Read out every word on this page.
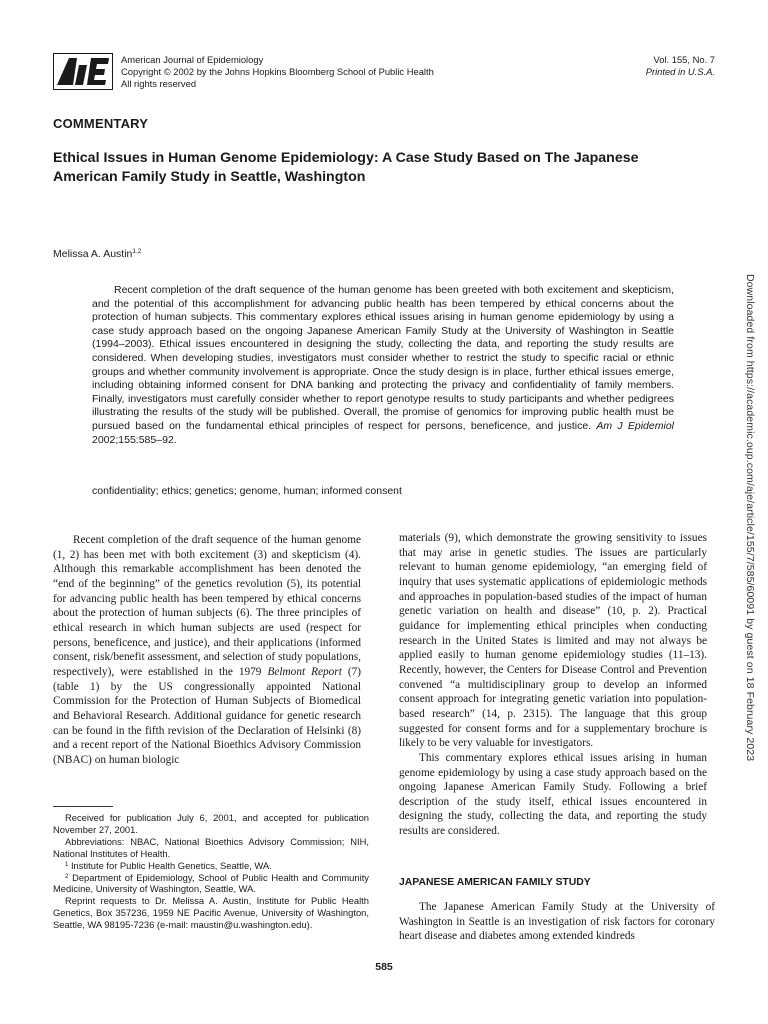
American Journal of Epidemiology
Copyright © 2002 by the Johns Hopkins Bloomberg School of Public Health
All rights reserved
Vol. 155, No. 7
Printed in U.S.A.
COMMENTARY
Ethical Issues in Human Genome Epidemiology: A Case Study Based on The Japanese American Family Study in Seattle, Washington
Melissa A. Austin$^{1,2}$

Recent completion of the draft sequence of the human genome has been greeted with both excitement and skepticism, and the potential of this accomplishment for advancing public health has been tempered by ethical concerns about the protection of human subjects. This commentary explores ethical issues arising in human genome epidemiology by using a case study approach based on the ongoing Japanese American Family Study at the University of Washington in Seattle (1994–2003). Ethical issues encountered in designing the study, collecting the data, and reporting the study results are considered. When developing studies, investigators must consider whether to restrict the study to specific racial or ethnic groups and whether community involvement is appropriate. Once the study design is in place, further ethical issues emerge, including obtaining informed consent for DNA banking and protecting the privacy and confidentiality of family members. Finally, investigators must carefully consider whether to report genotype results to study participants and whether pedigrees illustrating the results of the study will be published. Overall, the promise of genomics for improving public health must be pursued based on the fundamental ethical principles of respect for persons, beneficence, and justice. Am J Epidemiol 2002;155:585–92.

confidentiality; ethics; genetics; genome, human; informed consent

Recent completion of the draft sequence of the human genome (1, 2) has been met with both excitement (3) and skepticism (4). Although this remarkable accomplishment has been denoted the “end of the beginning” of the genetics revolution (5), its potential for advancing public health has been tempered by ethical concerns about the protection of human subjects (6). The three principles of ethical research in which human subjects are used (respect for persons, beneficence, and justice), and their applications (informed consent, risk/benefit assessment, and selection of study populations, respectively), were established in the 1979 Belmont Report (7) (table 1) by the US congressionally appointed National Commission for the Protection of Human Subjects of Biomedical and Behavioral Research. Additional guidance for genetic research can be found in the fifth revision of the Declaration of Helsinki (8) and a recent report of the National Bioethics Advisory Commission (NBAC) on human biologic

Received for publication July 6, 2001, and accepted for publication November 27, 2001.

Abbreviations: NBAC, National Bioethics Advisory Commission; NIH, National Institutes of Health.

$^1$ Institute for Public Health Genetics, Seattle, WA.

$^2$ Department of Epidemiology, School of Public Health and Community Medicine, University of Washington, Seattle, WA.

Reprint requests to Dr. Melissa A. Austin, Institute for Public Health Genetics, Box 357236, 1959 NE Pacific Avenue, University of Washington, Seattle, WA 98195-7236 (e-mail: maustin@u.washington.edu).

materials (9), which demonstrate the growing sensitivity to issues that may arise in genetic studies. The issues are particularly relevant to human genome epidemiology, “an emerging field of inquiry that uses systematic applications of epidemiologic methods and approaches in population-based studies of the impact of human genetic variation on health and disease” (10, p. 2). Practical guidance for implementing ethical principles when conducting research in the United States is limited and may not always be applied easily to human genome epidemiology studies (11–13). Recently, however, the Centers for Disease Control and Prevention convened “a multidisciplinary group to develop an informed consent approach for integrating genetic variation into population-based research” (14, p. 2315). The language that this group suggested for consent forms and for a supplementary brochure is likely to be very valuable for investigators.

This commentary explores ethical issues arising in human genome epidemiology by using a case study approach based on the ongoing Japanese American Family Study. Following a brief description of the study itself, ethical issues encountered in designing the study, collecting the data, and reporting the study results are considered.

JAPANESE AMERICAN FAMILY STUDY

The Japanese American Family Study at the University of Washington in Seattle is an investigation of risk factors for coronary heart disease and diabetes among extended kindreds

585
Downloaded from https://academic.oup.com/aje/article/155/7/585/60091 by guest on 18 February 2023
